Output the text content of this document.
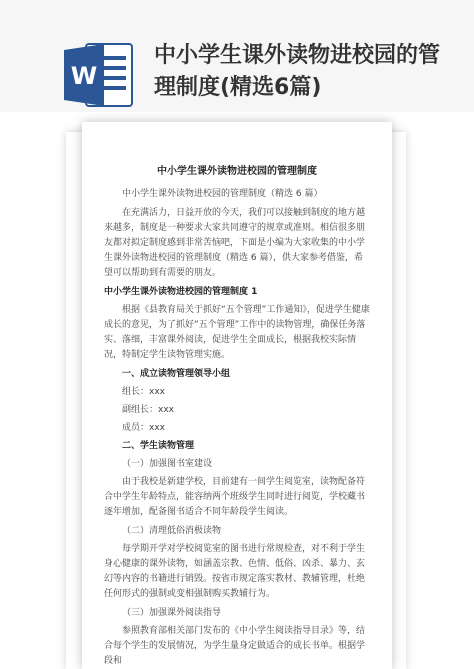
W
中小学生课外读物进校园的管
理制度(精选6篇)
中小学生课外读物进校园的管理制度
中小学生课外读物进校园的管理制度（精选 6 篇）
在充满活力，日益开放的今天，我们可以接触到制度的地方越来越多，制度是一种要求大家共同遵守的规章或准则。相信很多朋友都对拟定制度感到非常苦恼吧，下面是小编为大家收集的中小学生课外读物进校园的管理制度（精选 6 篇），供大家参考借鉴，希望可以帮助到有需要的朋友。
中小学生课外读物进校园的管理制度 1
根据《县教育局关于抓好“五个管理”工作通知》，促进学生健康成长的意见，为了抓好“五个管理”工作中的读物管理，确保任务落实、落细，丰富课外阅读，促进学生全面成长，根据我校实际情况，特制定学生读物管理实施。
一、成立读物管理领导小组
组长：xxx
副组长：xxx
成员：xxx
二、学生读物管理
（一）加强图书室建设
由于我校是新建学校，目前建有一间学生阅览室，读物配备符合中学生年龄特点，能容纳两个班级学生同时进行阅览，学校藏书逐年增加，配备图书适合不同年龄段学生阅读。
（二）清理低俗消极读物
每学期开学对学校阅览室的图书进行常规检查，对不利于学生身心健康的课外读物，如涵盖宗教、色情、低俗、凶杀、暴力、玄幻等内容的书籍进行销毁。按省市规定落实教材、教辅管理，杜绝任何形式的强制或变相强制购买教辅行为。
（三）加强课外阅读指导
参照教育部相关部门发布的《中小学生阅读指导目录》等，结合每个学生的发展情况，为学生量身定做适合的成长书单。根据学段和
